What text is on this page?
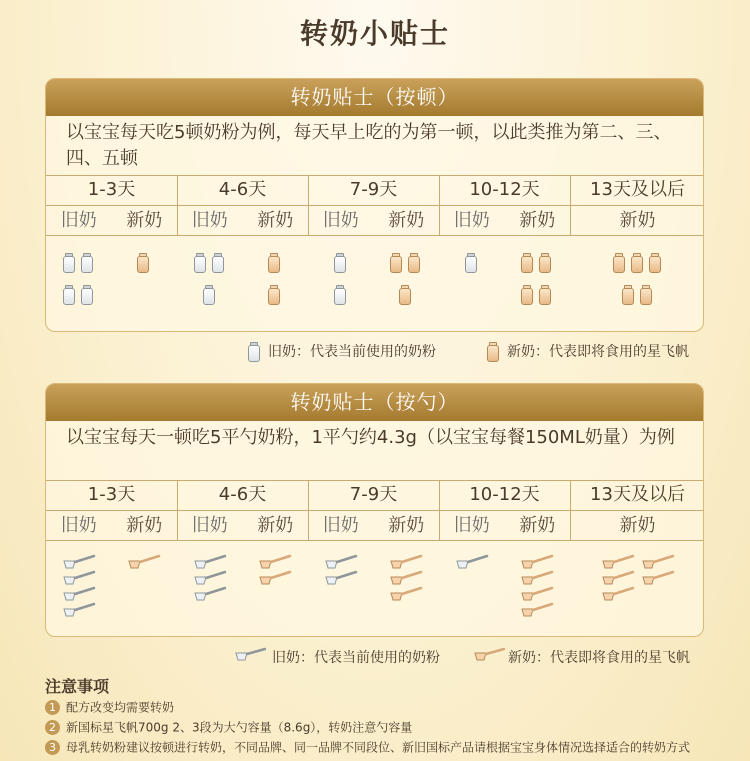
转奶小贴士
转奶贴士（按顿）
以宝宝每天吃5顿奶粉为例，每天早上吃的为第一顿，以此类推为第二、三、四、五顿
1-3天
旧奶	新奶
4-6天
旧奶	新奶
7-9天
旧奶	新奶
10-12天
旧奶	新奶
13天及以后
新奶
旧奶：代表当前使用的奶粉	新奶：代表即将食用的星飞帆
转奶贴士（按勺）
以宝宝每天一顿吃5平勺奶粉，1平勺约4.3g（以宝宝每餐150ML奶量）为例
1-3天
旧奶	新奶
4-6天
旧奶	新奶
7-9天
旧奶	新奶
10-12天
旧奶	新奶
13天及以后
新奶
旧奶：代表当前使用的奶粉	新奶：代表即将食用的星飞帆
注意事项
1 配方改变均需要转奶
2 新国标星飞帆700g 2、3段为大勺容量（8.6g），转奶注意勺容量
3 母乳转奶粉建议按顿进行转奶，不同品牌、同一品牌不同段位、新旧国标产品请根据宝宝身体情况选择适合的转奶方式
